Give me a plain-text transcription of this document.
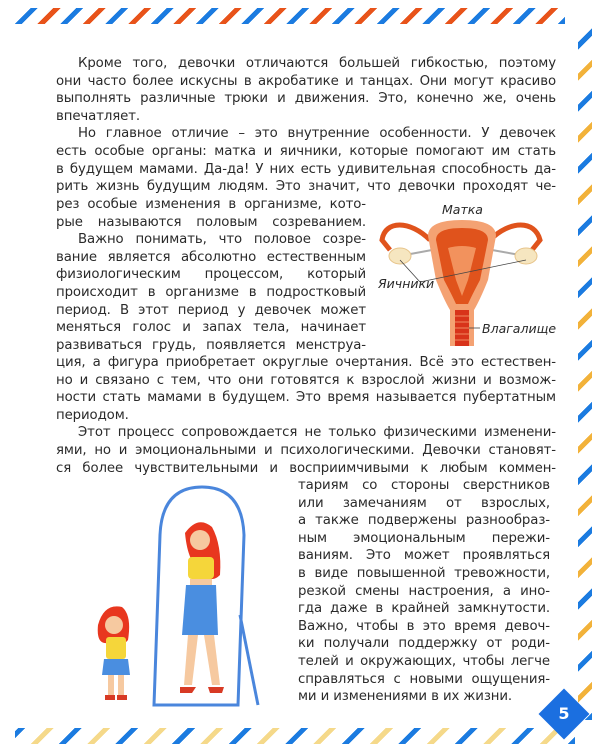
Кроме того, девочки отличаются большей гибкостью, поэтому

они часто более искусны в акробатике и танцах. Они могут красиво

выполнять различные трюки и движения. Это, конечно же, очень

впечатляет.

Но главное отличие – это внутренние особенности. У девочек

есть особые органы: матка и яичники, которые помогают им стать

в будущем мамами. Да-да! У них есть удивительная способность да-

рить жизнь будущим людям. Это значит, что девочки проходят че-

рез особые изменения в организме, кото-

рые называются половым созреванием.

Важно понимать, что половое созре-

вание является абсолютно естественным

физиологическим процессом, который

происходит в организме в подростковый

период. В этот период у девочек может

меняться голос и запах тела, начинает

развиваться грудь, появляется менструа-

Матка
Яичники
Влагалище

ция, а фигура приобретает округлые очертания. Всё это естествен-

но и связано с тем, что они готовятся к взрослой жизни и возмож-

ности стать мамами в будущем. Это время называется пубертатным

периодом.

Этот процесс сопровождается не только физическими изменени-

ями, но и эмоциональными и психологическими. Девочки становят-

ся более чувствительными и восприимчивыми к любым коммен-

тариям со стороны сверстников

или замечаниям от взрослых,

а также подвержены разнообраз-

ным эмоциональным пережи-

ваниям. Это может проявляться

в виде повышенной тревожности,

резкой смены настроения, а ино-

гда даже в крайней замкнутости.

Важно, чтобы в это время девоч-

ки получали поддержку от роди-

телей и окружающих, чтобы легче

справляться с новыми ощущения-

ми и изменениями в их жизни.

5
